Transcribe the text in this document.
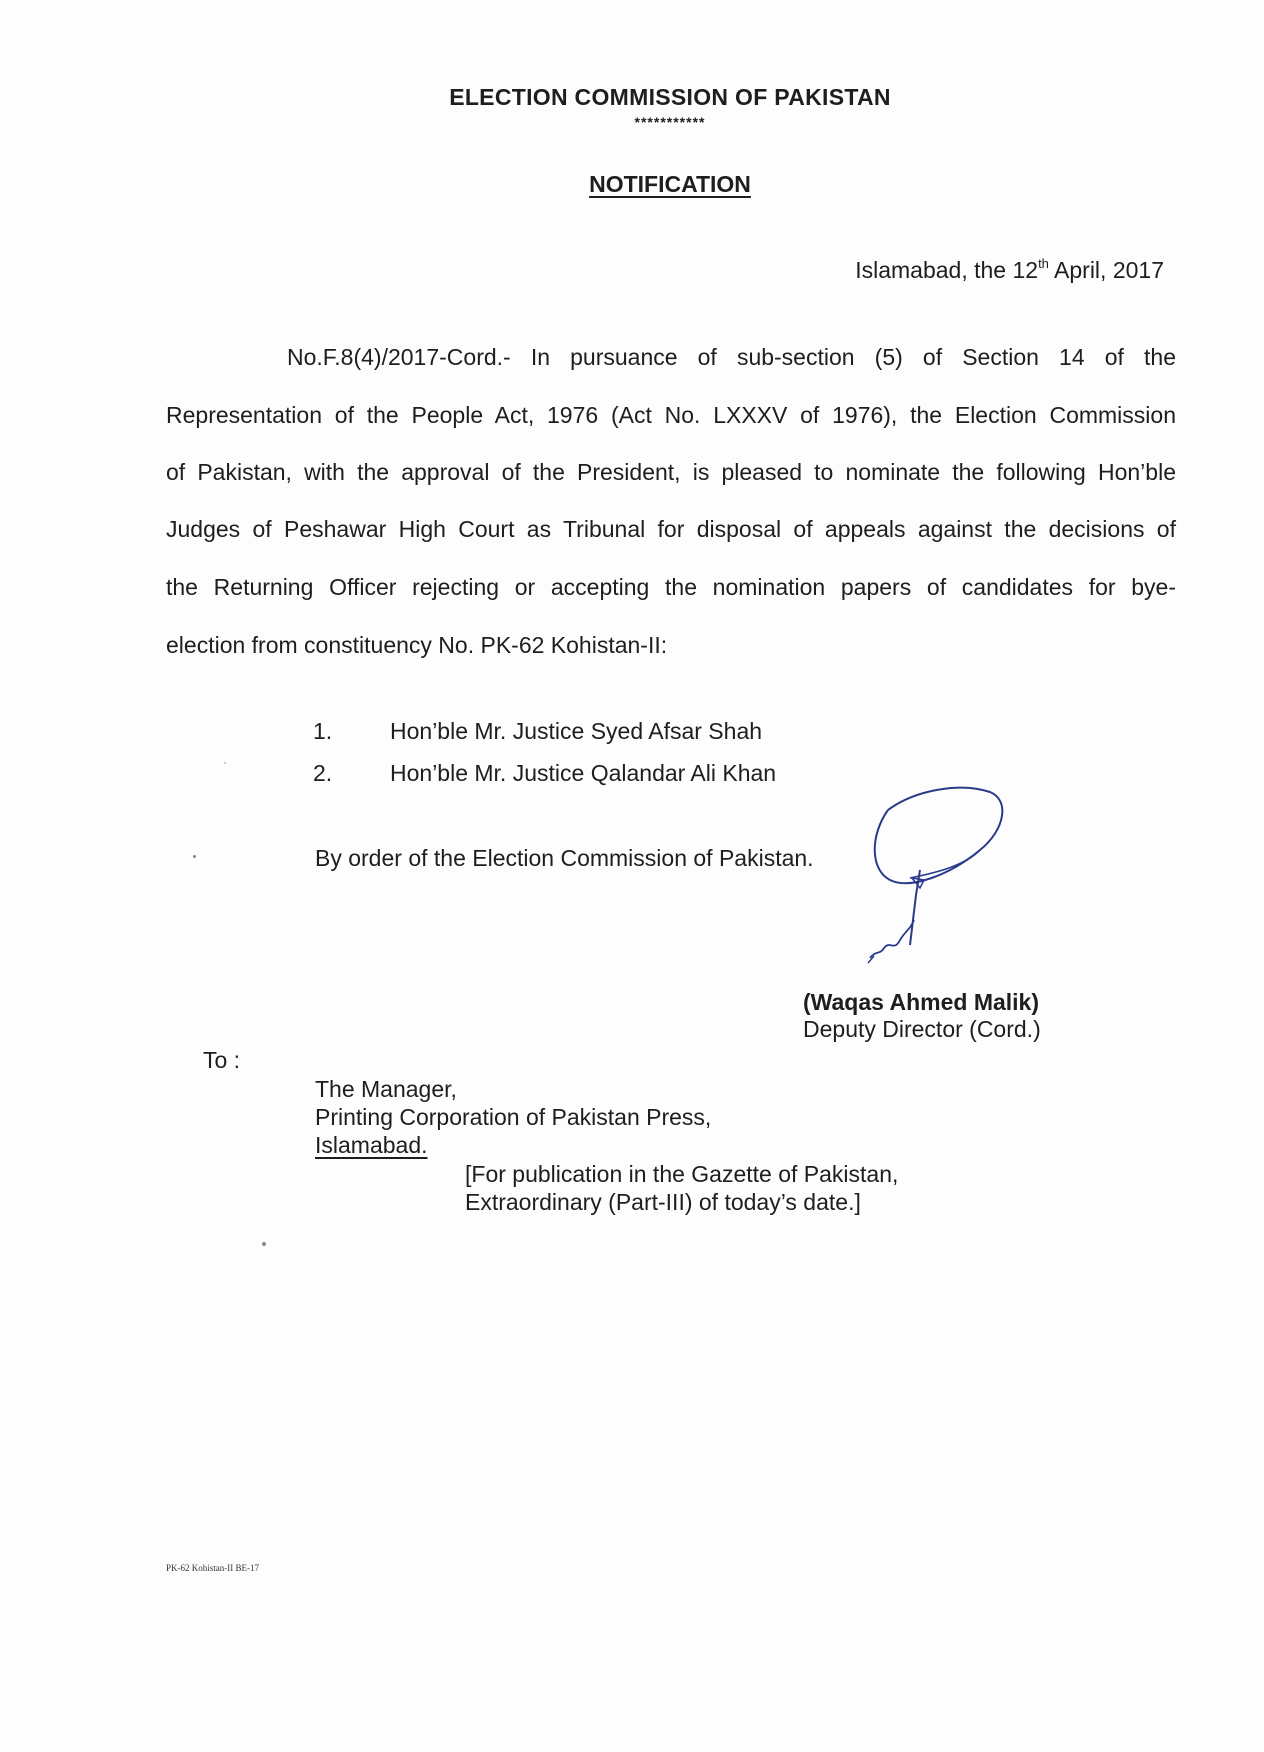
ELECTION COMMISSION OF PAKISTAN
***********
NOTIFICATION
Islamabad, the 12th April, 2017
No.F.8(4)/2017-Cord.- In pursuance of sub-section (5) of Section 14 of the
Representation of the People Act, 1976 (Act No. LXXXV of 1976), the Election Commission
of Pakistan, with the approval of the President, is pleased to nominate the following Hon’ble
Judges of Peshawar High Court as Tribunal for disposal of appeals against the decisions of
the Returning Officer rejecting or accepting the nomination papers of candidates for bye-
election from constituency No. PK-62 Kohistan-II:
1.	Hon’ble Mr. Justice Syed Afsar Shah
2.	Hon’ble Mr. Justice Qalandar Ali Khan
By order of the Election Commission of Pakistan.
(Waqas Ahmed Malik)
Deputy Director (Cord.)
To :
The Manager,
Printing Corporation of Pakistan Press,
Islamabad.
[For publication in the Gazette of Pakistan,
Extraordinary (Part-III) of today’s date.]
PK-62 Kohistan-II BE-17
